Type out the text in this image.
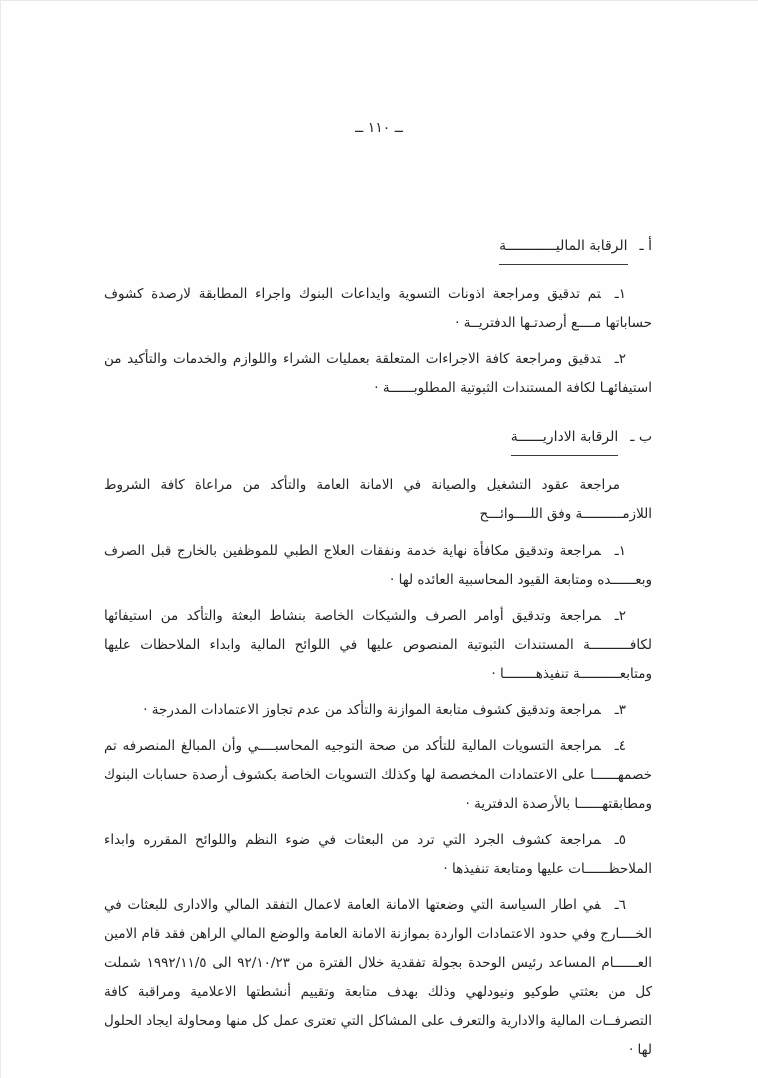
ــ ١١٠ ــ
أ ـ
الرقابة الماليــــــــــــة

١ـتم تدقيق ومراجعة اذونات التسوية وايداعات البنوك واجراء المطابقة لارصدة كشوف حساباتها مــــع أرصدتـها الدفتريــة ·

٢ـتدقيق ومراجعة كافة الاجراءات المتعلقة بعمليات الشراء واللوازم والخدمات والتأكيد من استيفائهـا لكافة المستندات الثبوتية المطلوبــــــة ·

ب ـ
الرقابة الاداريــــــة

مراجعة عقود التشغيل والصيانة في الامانة العامة والتأكد من مراعاة كافة الشروط اللازمــــــــــة وفق اللــــوائـــح

١ـمراجعة وتدقيق مكافأة نهاية خدمة ونفقات العلاج الطبي للموظفين بالخارج قبل الصرف وبعــــــده ومتابعة القيود المحاسبية العائده لها ·

٢ـمراجعة وتدقيق أوامر الصرف والشيكات الخاصة بنشاط البعثة والتأكد من استيفائها لكافــــــــــة المستندات الثبوتية المنصوص عليها في اللوائح المالية وابداء الملاحظات عليها ومتابعــــــــــة تنفيذهــــــــا ·

٣ـمراجعة وتدقيق كشوف متابعة الموازنة والتأكد من عدم تجاوز الاعتمادات المدرجة ·

٤ـمراجعة التسويات المالية للتأكد من صحة التوجيه المحاسبــــي وأن المبالغ المنصرفه تم خصمهــــــا على الاعتمادات المخصصة لها وكذلك التسويات الخاصة بكشوف أرصدة حسابات البنوك ومطابقتهــــــا بالأرصدة الدفترية ·

٥ـمراجعة كشوف الجرد التي ترد من البعثات في ضوء النظم واللوائح المقرره وابداء الملاحظــــــات عليها ومتابعة تنفيذها ·

٦ـفي اطار السياسة التي وضعتها الامانة العامة لاعمال التفقد المالي والادارى للبعثات في الخــــارج وفي حدود الاعتمادات الواردة بموازنة الامانة العامة والوضع المالي الراهن فقد قام الامين العــــــام المساعد رئيس الوحدة بجولة تفقدية خلال الفترة من ٩٢/١٠/٢٣ الى ١٩٩٢/١١/٥ شملت كل من بعثتي طوكيو ونيودلهي وذلك بهدف متابعة وتقييم أنشطتها الاعلامية ومراقبة كافة التصرفــات المالية والادارية والتعرف على المشاكل التي تعترى عمل كل منها ومحاولة ايجاد الحلول لها ·
